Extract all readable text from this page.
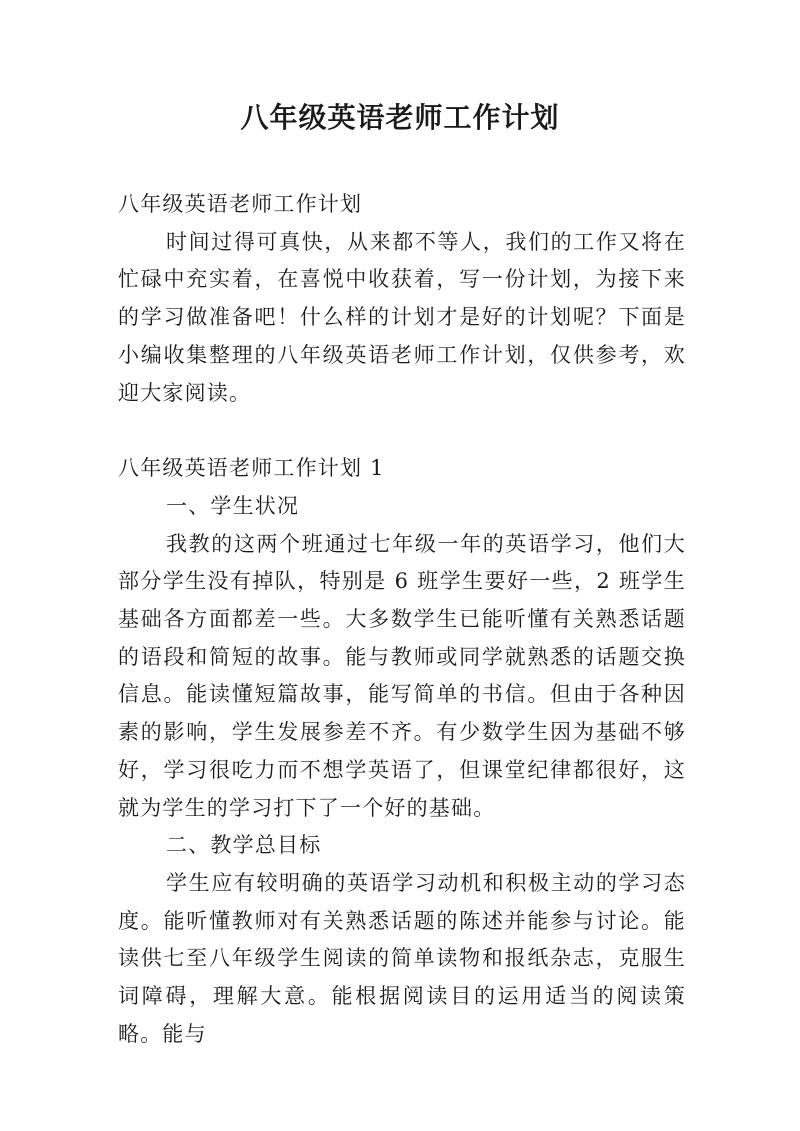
八年级英语老师工作计划

八年级英语老师工作计划

时间过得可真快，从来都不等人，我们的工作又将在忙碌中充实着，在喜悦中收获着，写一份计划，为接下来的学习做准备吧！什么样的计划才是好的计划呢？下面是小编收集整理的八年级英语老师工作计划，仅供参考，欢迎大家阅读。

八年级英语老师工作计划 1

一、学生状况

我教的这两个班通过七年级一年的英语学习，他们大部分学生没有掉队，特别是 6 班学生要好一些，2 班学生基础各方面都差一些。大多数学生已能听懂有关熟悉话题的语段和简短的故事。能与教师或同学就熟悉的话题交换信息。能读懂短篇故事，能写简单的书信。但由于各种因素的影响，学生发展参差不齐。有少数学生因为基础不够好，学习很吃力而不想学英语了，但课堂纪律都很好，这就为学生的学习打下了一个好的基础。

二、教学总目标

学生应有较明确的英语学习动机和积极主动的学习态度。能听懂教师对有关熟悉话题的陈述并能参与讨论。能读供七至八年级学生阅读的简单读物和报纸杂志，克服生词障碍，理解大意。能根据阅读目的运用适当的阅读策略。能与
